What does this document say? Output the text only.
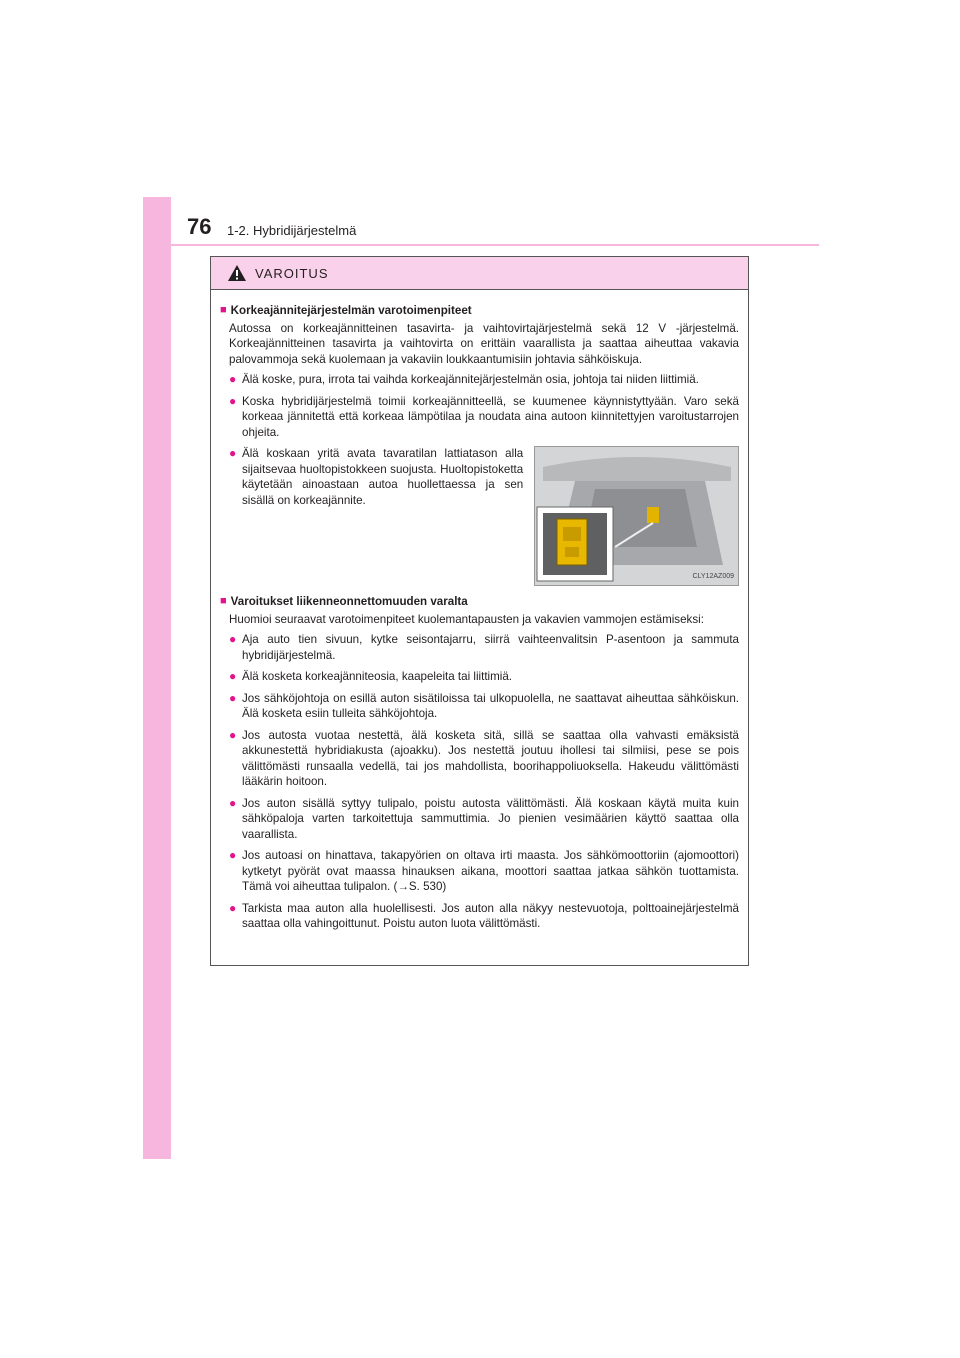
76 1-2. Hybridijärjestelmä
VAROITUS
■ Korkeajännitejärjestelmän varotoimenpiteet
Autossa on korkeajännitteinen tasavirta- ja vaihtovirtajärjestelmä sekä 12 V -järjestelmä. Korkeajännitteinen tasavirta ja vaihtovirta on erittäin vaarallista ja saattaa aiheuttaa vakavia palovammoja sekä kuolemaan ja vakaviin loukkaantumisiin johtavia sähköiskuja.
● Älä koske, pura, irrota tai vaihda korkeajännitejärjestelmän osia, johtoja tai niiden liittimiä.
● Koska hybridijärjestelmä toimii korkeajännitteellä, se kuumenee käynnistyttyään. Varo sekä korkeaa jännitettä että korkeaa lämpötilaa ja noudata aina autoon kiinnitettyjen varoitustarrojen ohjeita.
● Älä koskaan yritä avata tavaratilan lattiatason alla sijaitsevaa huoltopistokkeen suojusta. Huoltopistoketta käytetään ainoastaan autoa huollettaessa ja sen sisällä on korkeajännite.
CLY12AZ009
■ Varoitukset liikenneonnettomuuden varalta
Huomioi seuraavat varotoimenpiteet kuolemantapausten ja vakavien vammojen estämiseksi:
● Aja auto tien sivuun, kytke seisontajarru, siirrä vaihteenvalitsin P-asentoon ja sammuta hybridijärjestelmä.
● Älä kosketa korkeajänniteosia, kaapeleita tai liittimiä.
● Jos sähköjohtoja on esillä auton sisätiloissa tai ulkopuolella, ne saattavat aiheuttaa sähköiskun. Älä kosketa esiin tulleita sähköjohtoja.
● Jos autosta vuotaa nestettä, älä kosketa sitä, sillä se saattaa olla vahvasti emäksistä akkunestettä hybridiakusta (ajoakku). Jos nestettä joutuu ihollesi tai silmiisi, pese se pois välittömästi runsaalla vedellä, tai jos mahdollista, boorihappoliuoksella. Hakeudu välittömästi lääkärin hoitoon.
● Jos auton sisällä syttyy tulipalo, poistu autosta välittömästi. Älä koskaan käytä muita kuin sähköpaloja varten tarkoitettuja sammuttimia. Jo pienien vesimäärien käyttö saattaa olla vaarallista.
● Jos autoasi on hinattava, takapyörien on oltava irti maasta. Jos sähkömoottoriin (ajomoottori) kytketyt pyörät ovat maassa hinauksen aikana, moottori saattaa jatkaa sähkön tuottamista. Tämä voi aiheuttaa tulipalon. (→S. 530)
● Tarkista maa auton alla huolellisesti. Jos auton alla näkyy nestevuotoja, polttoainejärjestelmä saattaa olla vahingoittunut. Poistu auton luota välittömästi.
